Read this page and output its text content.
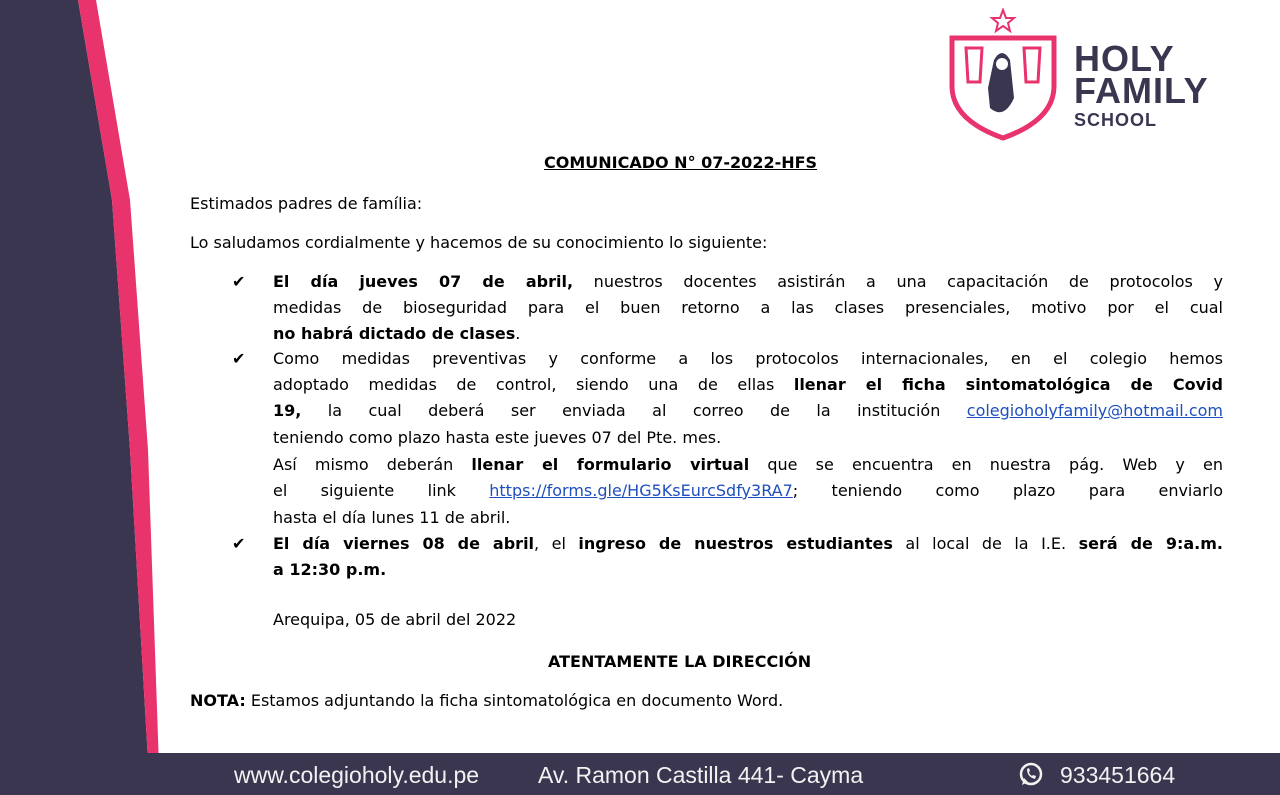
HOLY
FAMILY
SCHOOL
COMUNICADO N° 07-2022-HFS
Estimados padres de família:
Lo saludamos cordialmente y hacemos de su conocimiento lo siguiente:
✔ El día jueves 07 de abril, nuestros docentes asistirán a una capacitación de protocolos y
medidas de bioseguridad para el buen retorno a las clases presenciales, motivo por el cual
no habrá dictado de clases.
✔ Como medidas preventivas y conforme a los protocolos internacionales, en el colegio hemos
adoptado medidas de control, siendo una de ellas llenar el ficha sintomatológica de Covid
19, la cual deberá ser enviada al correo de la institución colegioholyfamily@hotmail.com
teniendo como plazo hasta este jueves 07 del Pte. mes.
Así mismo deberán llenar el formulario virtual que se encuentra en nuestra pág. Web y en
el siguiente link https://forms.gle/HG5KsEurcSdfy3RA7; teniendo como plazo para enviarlo
hasta el día lunes 11 de abril.
✔ El día viernes 08 de abril, el ingreso de nuestros estudiantes al local de la I.E. será de 9:a.m.
a 12:30 p.m.
Arequipa, 05 de abril del 2022
ATENTAMENTE LA DIRECCIÓN
NOTA: Estamos adjuntando la ficha sintomatológica en documento Word.
www.colegioholy.edu.pe	Av. Ramon Castilla 441- Cayma	933451664
